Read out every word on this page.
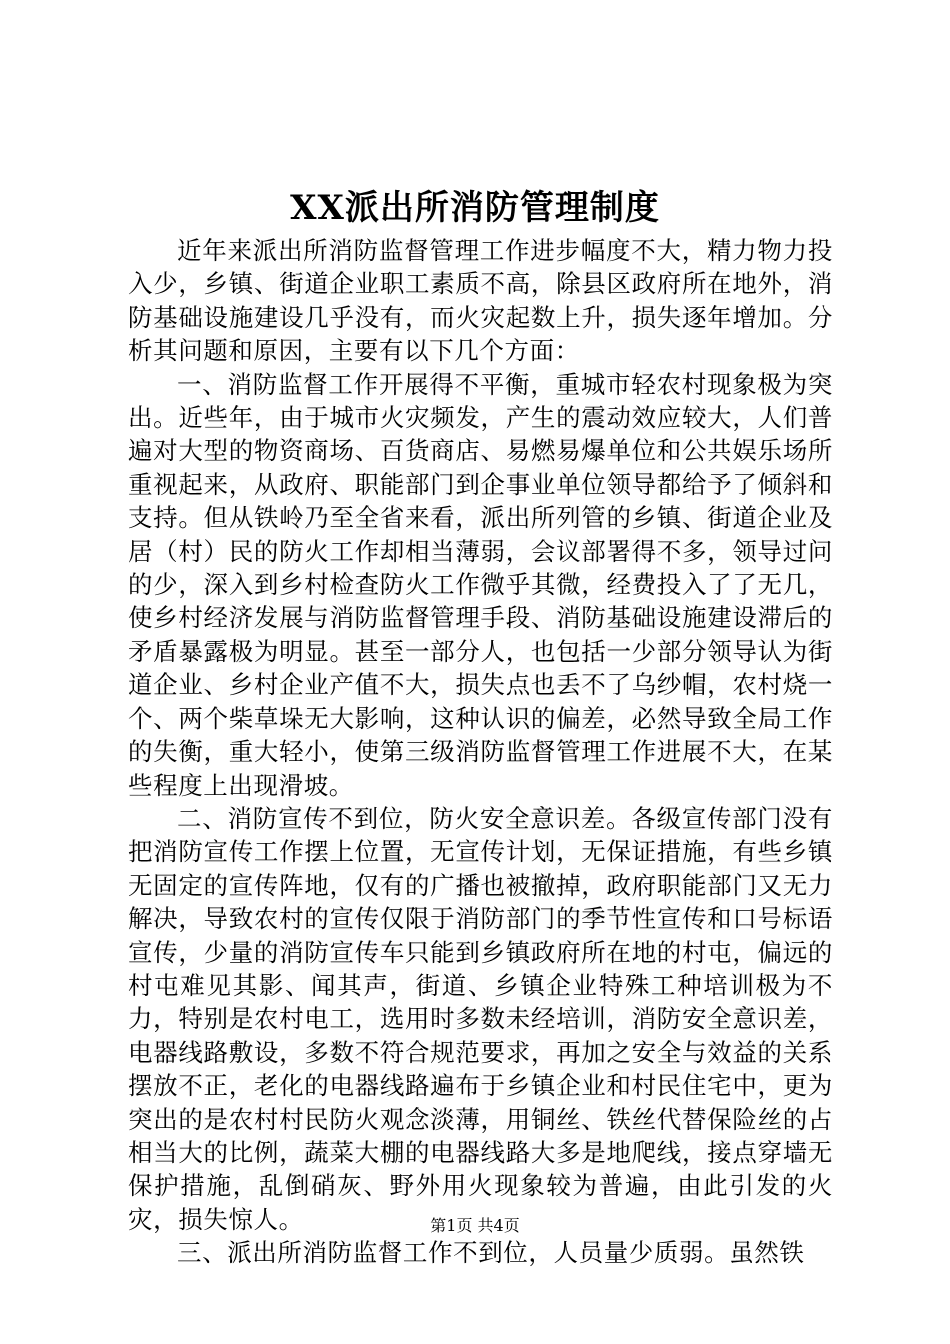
XX派出所消防管理制度

近年来派出所消防监督管理工作进步幅度不大，精力物力投入少，乡镇、街道企业职工素质不高，除县区政府所在地外，消防基础设施建设几乎没有，而火灾起数上升，损失逐年增加。分析其问题和原因，主要有以下几个方面：

一、消防监督工作开展得不平衡，重城市轻农村现象极为突出。近些年，由于城市火灾频发，产生的震动效应较大，人们普遍对大型的物资商场、百货商店、易燃易爆单位和公共娱乐场所重视起来，从政府、职能部门到企事业单位领导都给予了倾斜和支持。但从铁岭乃至全省来看，派出所列管的乡镇、街道企业及居（村）民的防火工作却相当薄弱，会议部署得不多，领导过问的少，深入到乡村检查防火工作微乎其微，经费投入了了无几，使乡村经济发展与消防监督管理手段、消防基础设施建设滞后的矛盾暴露极为明显。甚至一部分人，也包括一少部分领导认为街道企业、乡村企业产值不大，损失点也丢不了乌纱帽，农村烧一个、两个柴草垛无大影响，这种认识的偏差，必然导致全局工作的失衡，重大轻小，使第三级消防监督管理工作进展不大，在某些程度上出现滑坡。

二、消防宣传不到位，防火安全意识差。各级宣传部门没有把消防宣传工作摆上位置，无宣传计划，无保证措施，有些乡镇无固定的宣传阵地，仅有的广播也被撤掉，政府职能部门又无力解决，导致农村的宣传仅限于消防部门的季节性宣传和口号标语宣传，少量的消防宣传车只能到乡镇政府所在地的村屯，偏远的村屯难见其影、闻其声，街道、乡镇企业特殊工种培训极为不力，特别是农村电工，选用时多数未经培训，消防安全意识差，电器线路敷设，多数不符合规范要求，再加之安全与效益的关系摆放不正，老化的电器线路遍布于乡镇企业和村民住宅中，更为突出的是农村村民防火观念淡薄，用铜丝、铁丝代替保险丝的占相当大的比例，蔬菜大棚的电器线路大多是地爬线，接点穿墙无保护措施，乱倒硝灰、野外用火现象较为普遍，由此引发的火灾，损失惊人。

三、派出所消防监督工作不到位，人员量少质弱。虽然铁

第1页 共4页
